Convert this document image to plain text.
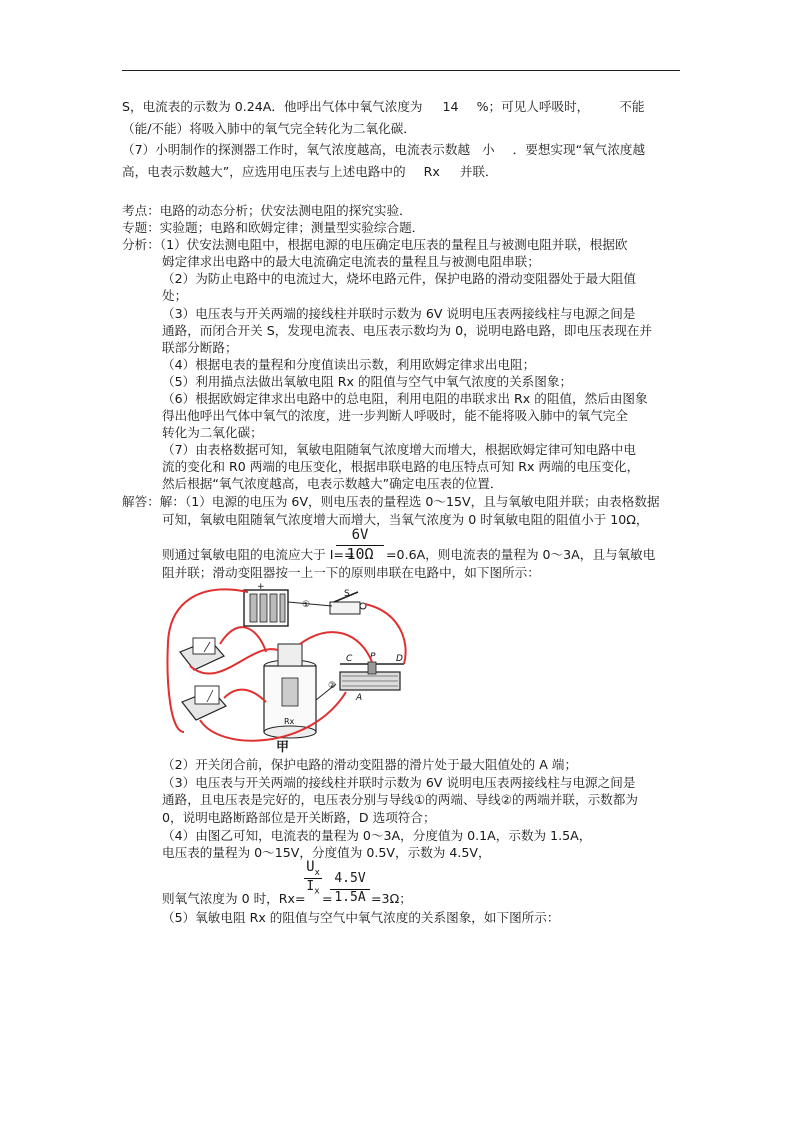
S，电流表的示数为 0.24A．他呼出气体中氧气浓度为 14 %；可见人呼吸时， 不能
（能/不能）将吸入肺中的氧气完全转化为二氧化碳．
（7）小明制作的探测器工作时，氧气浓度越高，电流表示数越 小 ．要想实现“氧气浓度越
高，电表示数越大”，应选用电压表与上述电路中的 Rx 并联．
考点：电路的动态分析；伏安法测电阻的探究实验．
专题：实验题；电路和欧姆定律；测量型实验综合题．
分析：（1）伏安法测电阻中，根据电源的电压确定电压表的量程且与被测电阻并联，根据欧
姆定律求出电路中的最大电流确定电流表的量程且与被测电阻串联；
（2）为防止电路中的电流过大，烧坏电路元件，保护电路的滑动变阻器处于最大阻值
处；
（3）电压表与开关两端的接线柱并联时示数为 6V 说明电压表两接线柱与电源之间是
通路，而闭合开关 S，发现电流表、电压表示数均为 0，说明电路电路，即电压表现在并
联部分断路；
（4）根据电表的量程和分度值读出示数，利用欧姆定律求出电阻；
（5）利用描点法做出氧敏电阻 Rx 的阻值与空气中氧气浓度的关系图象；
（6）根据欧姆定律求出电路中的总电阻，利用电阻的串联求出 Rx 的阻值，然后由图象
得出他呼出气体中氧气的浓度，进一步判断人呼吸时，能不能将吸入肺中的氧气完全
转化为二氧化碳；
（7）由表格数据可知，氧敏电阻随氧气浓度增大而增大，根据欧姆定律可知电路中电
流的变化和 R0 两端的电压变化，根据串联电路的电压特点可知 Rx 两端的电压变化，
然后根据“氧气浓度越高，电表示数越大”确定电压表的位置．
解答：解：（1）电源的电压为 6V，则电压表的量程选 0～15V，且与氧敏电阻并联；由表格数据
可知，氧敏电阻随氧气浓度增大而增大，当氧气浓度为 0 时氧敏电阻的阻值小于 10Ω，
则通过氧敏电阻的电流应大于 I==
6V
10Ω =0.6A，则电流表的量程为 0～3A，且与氧敏电
阻并联；滑动变阻器按一上一下的原则串联在电路中，如下图所示：
+
①
S
Rx
C P D
A
②
甲
（2）开关闭合前，保护电路的滑动变阻器的滑片处于最大阻值处的 A 端；
（3）电压表与开关两端的接线柱并联时示数为 6V 说明电压表两接线柱与电源之间是
通路，且电压表是完好的，电压表分别与导线①的两端、导线②的两端并联，示数都为
0，说明电路断路部位是开关断路，D 选项符合；
（4）由图乙可知，电流表的量程为 0～3A，分度值为 0.1A，示数为 1.5A，
电压表的量程为 0～15V，分度值为 0.5V，示数为 4.5V，
则氧气浓度为 0 时，Rx=
$U_x$
$I_x$ =
4.5V
1.5A =3Ω；
（5）氧敏电阻 Rx 的阻值与空气中氧气浓度的关系图象，如下图所示：
